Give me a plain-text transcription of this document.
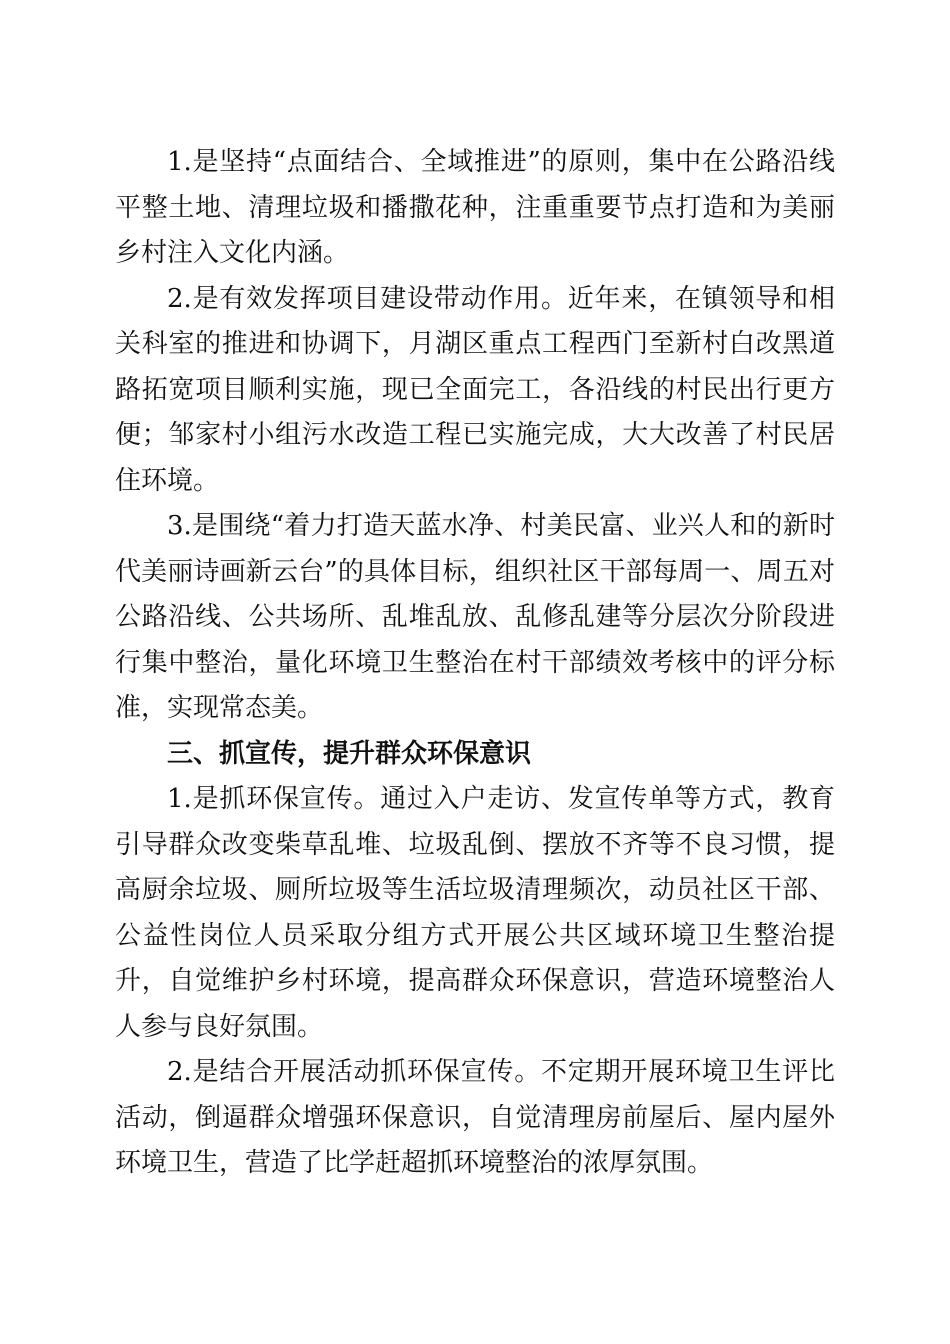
1.是坚持“点面结合、全域推进”的原则，集中在公路沿线平整土地、清理垃圾和播撒花种，注重重要节点打造和为美丽乡村注入文化内涵。

2.是有效发挥项目建设带动作用。近年来，在镇领导和相关科室的推进和协调下，月湖区重点工程西门至新村白改黑道路拓宽项目顺利实施，现已全面完工，各沿线的村民出行更方便；邹家村小组污水改造工程已实施完成，大大改善了村民居住环境。

3.是围绕“着力打造天蓝水净、村美民富、业兴人和的新时代美丽诗画新云台”的具体目标，组织社区干部每周一、周五对公路沿线、公共场所、乱堆乱放、乱修乱建等分层次分阶段进行集中整治，量化环境卫生整治在村干部绩效考核中的评分标准，实现常态美。

三、抓宣传，提升群众环保意识

1.是抓环保宣传。通过入户走访、发宣传单等方式，教育引导群众改变柴草乱堆、垃圾乱倒、摆放不齐等不良习惯，提高厨余垃圾、厕所垃圾等生活垃圾清理频次，动员社区干部、公益性岗位人员采取分组方式开展公共区域环境卫生整治提升，自觉维护乡村环境，提高群众环保意识，营造环境整治人人参与良好氛围。

2.是结合开展活动抓环保宣传。不定期开展环境卫生评比活动，倒逼群众增强环保意识，自觉清理房前屋后、屋内屋外环境卫生，营造了比学赶超抓环境整治的浓厚氛围。
